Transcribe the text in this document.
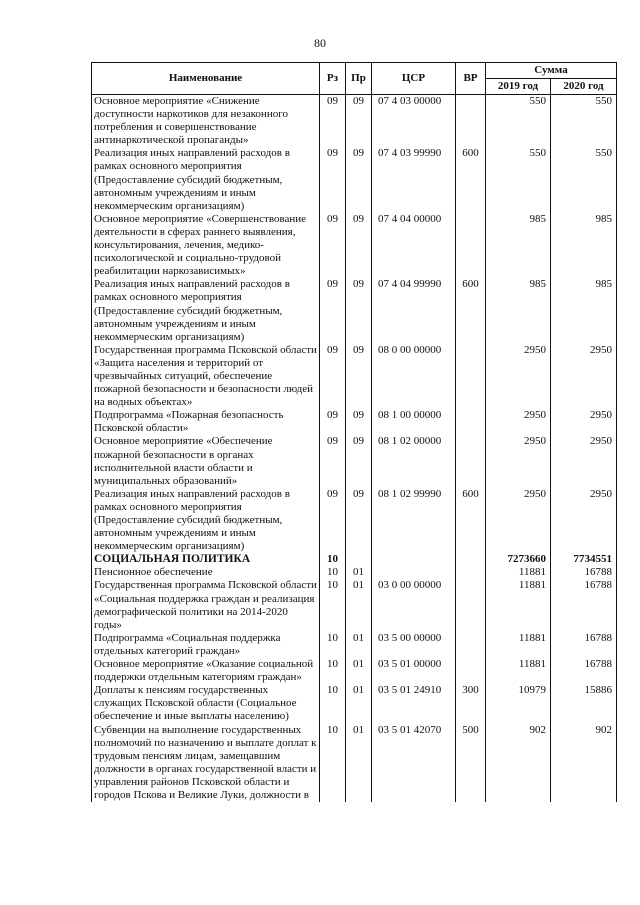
80
Наименование	Рз	Пр	ЦСР	ВР	Сумма	
					2019 год	2020 год
Основное мероприятие «Снижение доступности наркотиков для незаконного потребления и совершенствование антинаркотической пропаганды»	09	09	07 4 03 00000		550	550
Реализация иных направлений расходов в рамках основного мероприятия (Предоставление субсидий бюджетным, автономным учреждениям и иным некоммерческим организациям)	09	09	07 4 03 99990	600	550	550
Основное мероприятие «Совершенствование деятельности в сферах раннего выявления, консультирования, лечения, медико-психологической и социально-трудовой реабилитации наркозависимых»	09	09	07 4 04 00000		985	985
Реализация иных направлений расходов в рамках основного мероприятия (Предоставление субсидий бюджетным, автономным учреждениям и иным некоммерческим организациям)	09	09	07 4 04 99990	600	985	985
Государственная программа Псковской области «Защита населения и территорий от чрезвычайных ситуаций, обеспечение пожарной безопасности и безопасности людей на водных объектах»	09	09	08 0 00 00000		2950	2950
Подпрограмма «Пожарная безопасность Псковской области»	09	09	08 1 00 00000		2950	2950
Основное мероприятие «Обеспечение пожарной безопасности в органах исполнительной власти области и муниципальных образований»	09	09	08 1 02 00000		2950	2950
Реализация иных направлений расходов в рамках основного мероприятия (Предоставление субсидий бюджетным, автономным учреждениям и иным некоммерческим организациям)	09	09	08 1 02 99990	600	2950	2950
СОЦИАЛЬНАЯ ПОЛИТИКА	10				7273660	7734551
Пенсионное обеспечение	10	01			11881	16788
Государственная программа Псковской области «Социальная поддержка граждан и реализация демографической политики на 2014-2020 годы»	10	01	03 0 00 00000		11881	16788
Подпрограмма «Социальная поддержка отдельных категорий граждан»	10	01	03 5 00 00000		11881	16788
Основное мероприятие «Оказание социальной поддержки отдельным категориям граждан»	10	01	03 5 01 00000		11881	16788
Доплаты к пенсиям государственных служащих Псковской области (Социальное обеспечение и иные выплаты населению)	10	01	03 5 01 24910	300	10979	15886
Субвенции на выполнение государственных полномочий по назначению и выплате доплат к трудовым пенсиям лицам, замещавшим должности в органах государственной власти и управления районов Псковской области и городов Пскова и Великие Луки, должности в	10	01	03 5 01 42070	500	902	902
